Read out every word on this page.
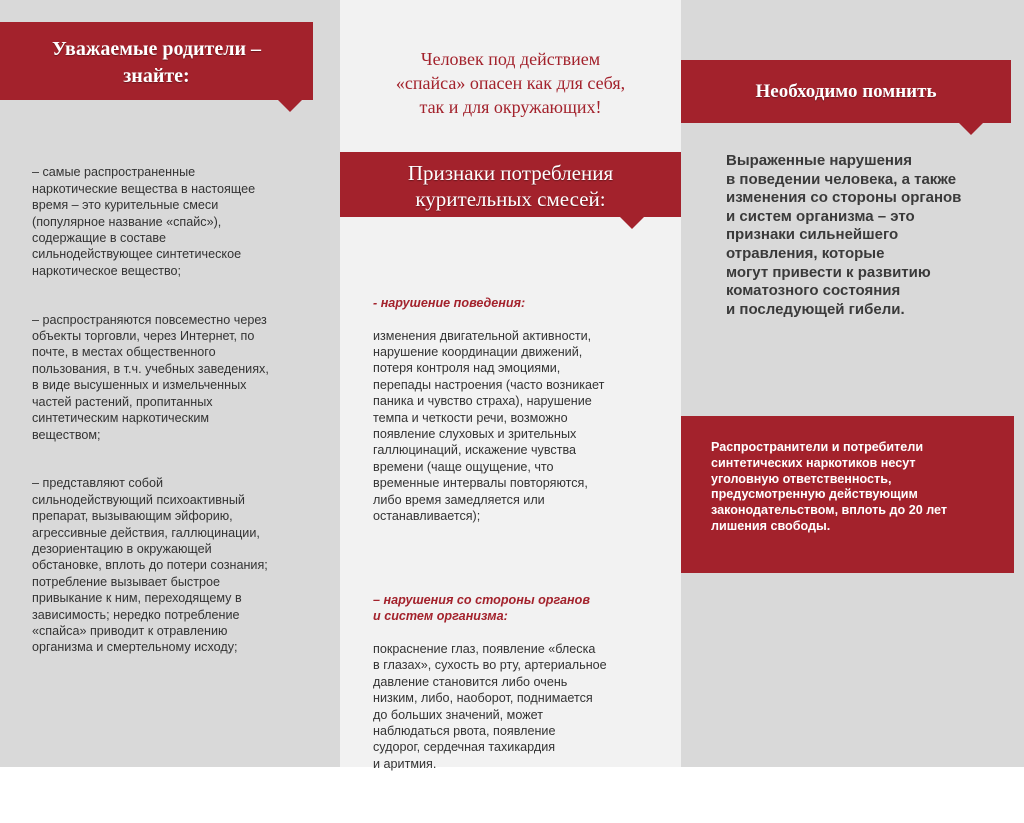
Уважаемые родители –
знайте:

– самые распространенные
наркотические вещества в настоящее
время – это курительные смеси
(популярное название «спайс»),
содержащие в составе
сильнодействующее синтетическое
наркотическое вещество;

– распространяются повсеместно через
объекты торговли, через Интернет, по
почте, в местах общественного
пользования, в т.ч. учебных заведениях,
в виде высушенных и измельченных
частей растений, пропитанных
синтетическим наркотическим
веществом;

– представляют собой
сильнодействующий психоактивный
препарат, вызывающим эйфорию,
агрессивные действия, галлюцинации,
дезориентацию в окружающей
обстановке, вплоть до потери сознания;
потребление вызывает быстрое
привыкание к ним, переходящему в
зависимость; нередко потребление
«спайса» приводит к отравлению
организма и смертельному исходу;

Человек под действием
«спайса» опасен как для себя,
так и для окружающих!
Признаки потребления
курительных смесей:

- нарушение поведения:

изменения двигательной активности,
нарушение координации движений,
потеря контроля над эмоциями,
перепады настроения (часто возникает
паника и чувство страха), нарушение
темпа и четкости речи, возможно
появление слуховых и зрительных
галлюцинаций, искажение чувства
времени (чаще ощущение, что
временные интервалы повторяются,
либо время замедляется или
останавливается);

– нарушения со стороны органов
и систем организма:

покраснение глаз, появление «блеска
в глазах», сухость во рту, артериальное
давление становится либо очень
низким, либо, наоборот, поднимается
до больших значений, может
наблюдаться рвота, появление
судорог, сердечная тахикардия
и аритмия.

Необходимо помнить
Выраженные нарушения
в поведении человека, а также
изменения со стороны органов
и систем организма – это
признаки сильнейшего
отравления, которые
могут привести к развитию
коматозного состояния
и последующей гибели.
Распространители и потребители
синтетических наркотиков несут
уголовную ответственность,
предусмотренную действующим
законодательством, вплоть до 20 лет
лишения свободы.
